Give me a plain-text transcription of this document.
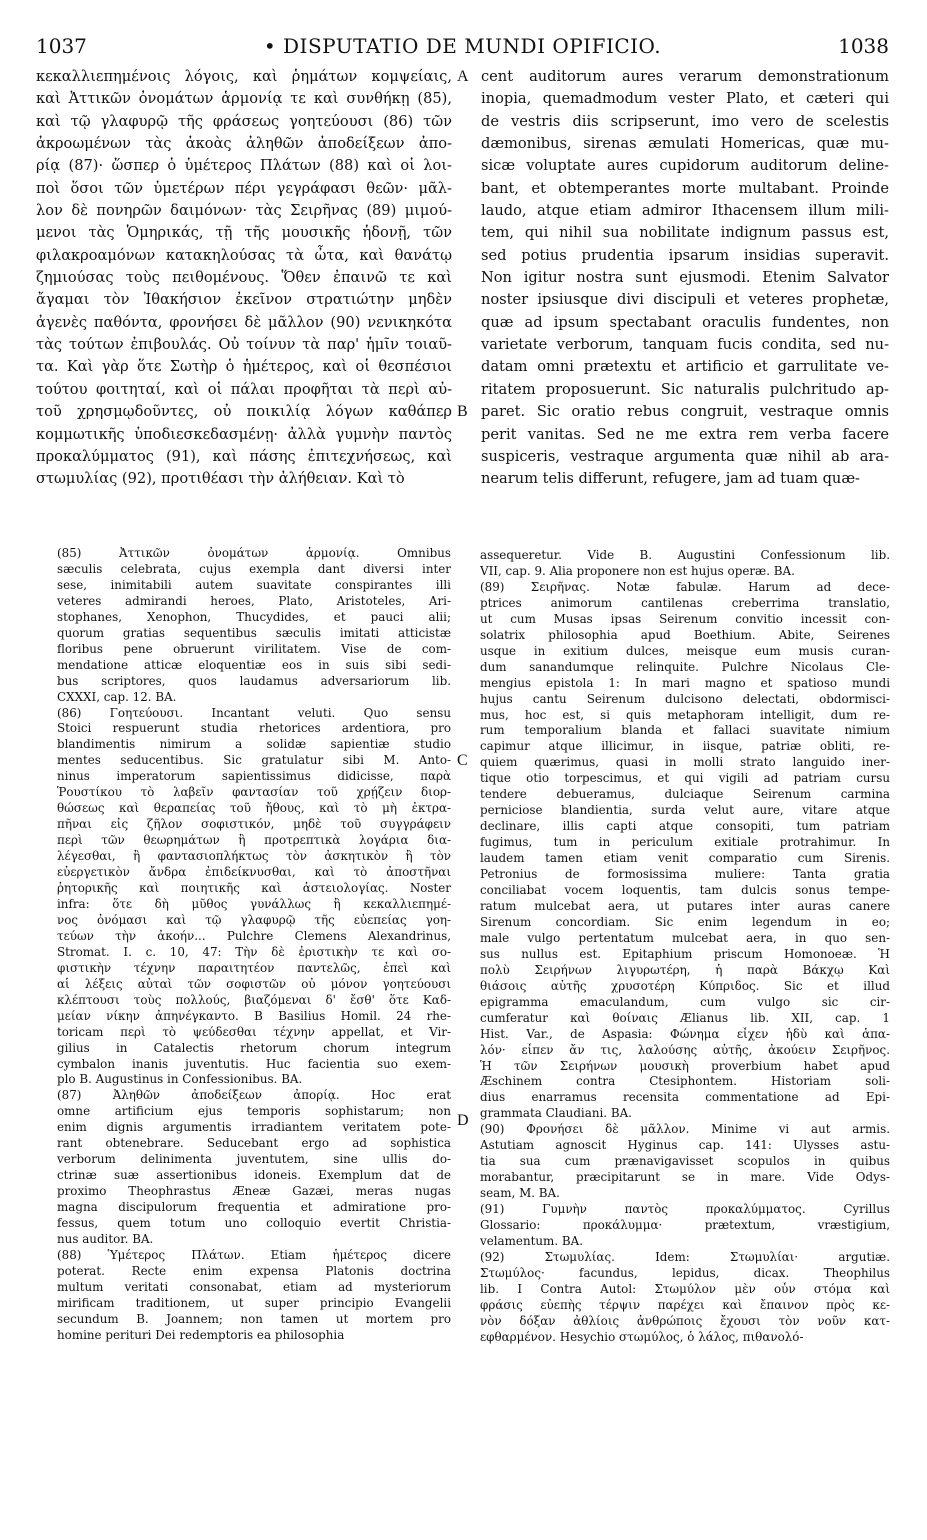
1037	• DISPUTATIO DE MUNDI OPIFICIO.	1038

κεκαλλιεπημένοις λόγοις, καὶ ῥημάτων κομψείαις,

καὶ Ἀττικῶν ὀνομάτων ἁρμονίᾳ τε καὶ συνθήκῃ (85),

καὶ τῷ γλαφυρῷ τῆς φράσεως γοητεύουσι (86) τῶν

ἀκροωμένων τὰς ἀκοὰς ἀληθῶν ἀποδείξεων ἀπο-

ρίᾳ (87)· ὥσπερ ὁ ὑμέτερος Πλάτων (88) καὶ οἱ λοι-

ποὶ ὅσοι τῶν ὑμετέρων πέρι γεγράφασι θεῶν· μᾶλ-

λον δὲ πονηρῶν δαιμόνων· τὰς Σειρῆνας (89) μιμού-

μενοι τὰς Ὁμηρικάς, τῇ τῆς μουσικῆς ἡδονῇ, τῶν

φιλακροαμόνων κατακηλούσας τὰ ὦτα, καὶ θανάτῳ

ζημιούσας τοὺς πειθομένους. Ὅθεν ἐπαινῶ τε καὶ

ἄγαμαι τὸν Ἰθακήσιον ἐκεῖνον στρατιώτην μηδὲν

ἀγενὲς παθόντα, φρονήσει δὲ μᾶλλον (90) νενικηκότα

τὰς τούτων ἐπιβουλάς. Οὐ τοίνυν τὰ παρ' ἡμῖν τοιαῦ-

τα. Καὶ γὰρ ὅτε Σωτὴρ ὁ ἡμέτερος, καὶ οἱ θεσπέσιοι

τούτου φοιτηταί, καὶ οἱ πάλαι προφῆται τὰ περὶ αὐ-

τοῦ χρησμῳδοῦντες, οὐ ποικιλίᾳ λόγων καθάπερ

κομμωτικῆς ὑποδιεσκεδασμένῃ· ἀλλὰ γυμνὴν παντὸς

προκαλύμματος (91), καὶ πάσης ἐπιτεχνήσεως, καὶ

στωμυλίας (92), προτιθέασι τὴν ἀλήθειαν. Καὶ τὸ

cent auditorum aures verarum demonstrationum

inopia, quemadmodum vester Plato, et cæteri qui

de vestris diis scripserunt, imo vero de scelestis

dæmonibus, sirenas æmulati Homericas, quæ mu-

sicæ voluptate aures cupidorum auditorum deline-

bant, et obtemperantes morte multabant. Proinde

laudo, atque etiam admiror Ithacensem illum mili-

tem, qui nihil sua nobilitate indignum passus est,

sed potius prudentia ipsarum insidias superavit.

Non igitur nostra sunt ejusmodi. Etenim Salvator

noster ipsiusque divi discipuli et veteres prophetæ,

quæ ad ipsum spectabant oraculis fundentes, non

varietate verborum, tanquam fucis condita, sed nu-

datam omni prætextu et artificio et garrulitate ve-

ritatem proposuerunt. Sic naturalis pulchritudo ap-

paret. Sic oratio rebus congruit, vestraque omnis

perit vanitas. Sed ne me extra rem verba facere

suspiceris, vestraque argumenta quæ nihil ab ara-

nearum telis differunt, refugere, jam ad tuam quæ-

A
B
C
D

(85) Ἀττικῶν ὀνομάτων ἁρμονίᾳ. Omnibus

sæculis celebrata, cujus exempla dant diversi inter

sese, inimitabili autem suavitate conspirantes illi

veteres admirandi heroes, Plato, Aristoteles, Ari-

stophanes, Xenophon, Thucydides, et pauci alii;

quorum gratias sequentibus sæculis imitati atticistæ

floribus pene obruerunt virilitatem. Vise de com-

mendatione atticæ eloquentiæ eos in suis sibi sedi-

bus scriptores, quos laudamus adversariorum lib.

CXXXI, cap. 12. BA.

(86) Γοητεύουσι. Incantant veluti. Quo sensu

Stoici respuerunt studia rhetorices ardentiora, pro

blandimentis nimirum a solidæ sapientiæ studio

mentes seducentibus. Sic gratulatur sibi M. Anto-

ninus imperatorum sapientissimus didicisse, παρὰ

Ῥουστίκου τὸ λαβεῖν φαντασίαν τοῦ χρῄζειν διορ-

θώσεως καὶ θεραπείας τοῦ ἤθους, καὶ τὸ μὴ ἐκτρα-

πῆναι εἰς ζῆλον σοφιστικόν, μηδὲ τοῦ συγγράφειν

περὶ τῶν θεωρημάτων ἢ προτρεπτικὰ λογάρια δια-

λέγεσθαι, ἢ φαντασιοπλήκτως τὸν ἀσκητικὸν ἢ τὸν

εὐεργετικὸν ἄνδρα ἐπιδείκνυσθαι, καὶ τὸ ἀποστῆναι

ῥητορικῆς καὶ ποιητικῆς καὶ ἀστειολογίας. Noster

infra: ὅτε δὴ μῦθος γυνάλλως ἢ κεκαλλιεπημέ-

νος ὀνόμασι καὶ τῷ γλαφυρῷ τῆς εὐεπείας γοη-

τεύων τὴν ἀκοήν... Pulchre Clemens Alexandrinus,

Stromat. I. c. 10, 47: Τὴν δὲ ἐριστικὴν τε καὶ σο-

φιστικὴν τέχνην παραιτητέον παντελῶς, ἐπεὶ καὶ

αἱ λέξεις αὐταὶ τῶν σοφιστῶν οὐ μόνον γοητεύουσι

κλέπτουσι τοὺς πολλούς, βιαζόμεναι δ' ἔσθ' ὅτε Καδ-

μείαν νίκην ἀπηνέγκαντο. B Basilius Homil. 24 rhe-

toricam περὶ τὸ ψεύδεσθαι τέχνην appellat, et Vir-

gilius in Catalectis rhetorum chorum integrum

cymbalon inanis juventutis. Huc facientia suo exem-

plo B. Augustinus in Confessionibus. BA.

(87) Ἀληθῶν ἀποδείξεων ἀπορίᾳ. Hoc erat

omne artificium ejus temporis sophistarum; non

enim dignis argumentis irradiantem veritatem pote-

rant obtenebrare. Seducebant ergo ad sophistica

verborum delinimenta juventutem, sine ullis do-

ctrinæ suæ assertionibus idoneis. Exemplum dat de

proximo Theophrastus Æneæ Gazæi, meras nugas

magna discipulorum frequentia et admiratione pro-

fessus, quem totum uno colloquio evertit Christia-

nus auditor. BA.

(88) Ὑμέτερος Πλάτων. Etiam ἡμέτερος dicere

poterat. Recte enim expensa Platonis doctrina

multum veritati consonabat, etiam ad mysteriorum

mirificam traditionem, ut super principio Evangelii

secundum B. Joannem; non tamen ut mortem pro

homine perituri Dei redemptoris ea philosophia

assequeretur. Vide B. Augustini Confessionum lib.

VII, cap. 9. Alia proponere non est hujus operæ. BA.

(89) Σειρῆνας. Notæ fabulæ. Harum ad dece-

ptrices animorum cantilenas creberrima translatio,

ut cum Musas ipsas Seirenum convitio incessit con-

solatrix philosophia apud Boethium. Abite, Seirenes

usque in exitium dulces, meisque eum musis curan-

dum sanandumque relinquite. Pulchre Nicolaus Cle-

mengius epistola 1: In mari magno et spatioso mundi

hujus cantu Seirenum dulcisono delectati, obdormisci-

mus, hoc est, si quis metaphoram intelligit, dum re-

rum temporalium blanda et fallaci suavitate nimium

capimur atque illicimur, in iisque, patriæ obliti, re-

quiem quærimus, quasi in molli strato languido iner-

tique otio torpescimus, et qui vigili ad patriam cursu

tendere debueramus, dulciaque Seirenum carmina

perniciose blandientia, surda velut aure, vitare atque

declinare, illis capti atque consopiti, tum patriam

fugimus, tum in periculum exitiale protrahimur. In

laudem tamen etiam venit comparatio cum Sirenis.

Petronius de formosissima muliere: Tanta gratia

conciliabat vocem loquentis, tam dulcis sonus tempe-

ratum mulcebat aera, ut putares inter auras canere

Sirenum concordiam. Sic enim legendum in eo;

male vulgo pertentatum mulcebat aera, in quo sen-

sus nullus est. Epitaphium priscum Homonoeæ. Ἡ

πολὺ Σειρήνων λιγυρωτέρη, ἡ παρὰ Βάκχῳ Καὶ

θιάσοις αὐτῆς χρυσοτέρη Κύπριδος. Sic et illud

epigramma emaculandum, cum vulgo sic cir-

cumferatur καὶ θοίναις Ælianus lib. XII, cap. 1

Hist. Var., de Aspasia: Φώνημα εἶχεν ἡδὺ καὶ ἁπα-

λόν· εἶπεν ἄν τις, λαλούσης αὐτῆς, ἀκούειν Σειρῆνος.

Ἡ τῶν Σειρήνων μουσικὴ proverbium habet apud

Æschinem contra Ctesiphontem. Historiam soli-

dius enarramus recensita commentatione ad Epi-

grammata Claudiani. BA.

(90) Φρονήσει δὲ μᾶλλον. Minime vi aut armis.

Astutiam agnoscit Hyginus cap. 141: Ulysses astu-

tia sua cum prænavigavisset scopulos in quibus

morabantur, præcipitarunt se in mare. Vide Odys-

seam, M. BA.

(91) Γυμνὴν παντὸς προκαλύμματος. Cyrillus

Glossario: προκάλυμμα· prætextum, vræstigium,

velamentum. BA.

(92) Στωμυλίας. Idem: Στωμυλίαι· argutiæ.

Στωμύλος· facundus, lepidus, dicax. Theophilus

lib. I Contra Autol: Στωμύλον μὲν οὖν στόμα καὶ

φράσις εὐεπὴς τέρψιν παρέχει καὶ ἔπαινον πρὸς κε-

νὸν δόξαν ἀθλίοις ἀνθρώποις ἔχουσι τὸν νοῦν κατ-

εφθαρμένον. Hesychio στωμύλος, ὁ λάλος, πιθανολό-
